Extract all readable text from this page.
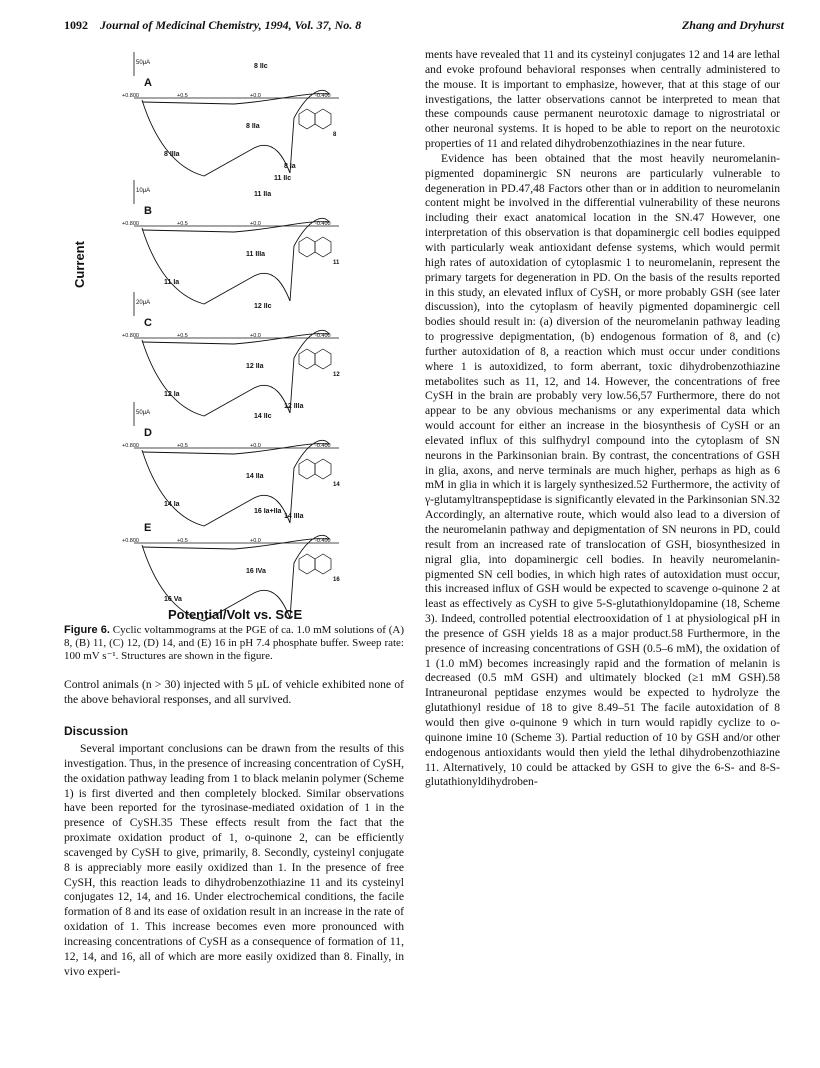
1092 Journal of Medicinal Chemistry, 1994, Vol. 37, No. 8	Zhang and Dryhurst
50μA
A
+0.800	+0.5	+0.0	-0.400
8 IIc
8 IIa
8 IIIa
8 Ia
11 IIc
8
10μA
B
+0.800	+0.5	+0.0	-0.400
11 IIa
11 IIIa
11 Ia
11
20μA
C
+0.800	+0.5	+0.0	-0.400
12 IIc
12 IIa
12 Ia
12 IIIa
12
50μA
D
+0.800	+0.5	+0.0	-0.400
14 IIc
14 IIa
14 Ia
14 IIIa
14
E
+0.800	+0.5	+0.0	-0.400
16 Ia+IIa
16 IVa
16 Va
16
Current
Potential/Volt vs. SCE
Figure 6. Cyclic voltammograms at the PGE of ca. 1.0 mM solutions of (A) 8, (B) 11, (C) 12, (D) 14, and (E) 16 in pH 7.4 phosphate buffer. Sweep rate: 100 mV s⁻¹. Structures are shown in the figure.
Control animals (n > 30) injected with 5 μL of vehicle exhibited none of the above behavioral responses, and all survived.
Discussion
Several important conclusions can be drawn from the results of this investigation. Thus, in the presence of increasing concentration of CySH, the oxidation pathway leading from 1 to black melanin polymer (Scheme 1) is first diverted and then completely blocked. Similar observations have been reported for the tyrosinase-mediated oxidation of 1 in the presence of CySH.35 These effects result from the fact that the proximate oxidation product of 1, o-quinone 2, can be efficiently scavenged by CySH to give, primarily, 8. Secondly, cysteinyl conjugate 8 is appreciably more easily oxidized than 1. In the presence of free CySH, this reaction leads to dihydrobenzothiazine 11 and its cysteinyl conjugates 12, 14, and 16. Under electrochemical conditions, the facile formation of 8 and its ease of oxidation result in an increase in the rate of oxidation of 1. This increase becomes even more pronounced with increasing concentrations of CySH as a consequence of formation of 11, 12, 14, and 16, all of which are more easily oxidized than 8. Finally, in vivo experi-

ments have revealed that 11 and its cysteinyl conjugates 12 and 14 are lethal and evoke profound behavioral responses when centrally administered to the mouse. It is important to emphasize, however, that at this stage of our investigations, the latter observations cannot be interpreted to mean that these compounds cause permanent neurotoxic damage to nigrostriatal or other neuronal systems. It is hoped to be able to report on the neurotoxic properties of 11 and related dihydrobenzothiazines in the near future.

Evidence has been obtained that the most heavily neuromelanin-pigmented dopaminergic SN neurons are particularly vulnerable to degeneration in PD.47,48 Factors other than or in addition to neuromelanin content might be involved in the differential vulnerability of these neurons including their exact anatomical location in the SN.47 However, one interpretation of this observation is that dopaminergic cell bodies equipped with particularly weak antioxidant defense systems, which would permit high rates of autoxidation of cytoplasmic 1 to neuromelanin, represent the primary targets for degeneration in PD. On the basis of the results reported in this study, an elevated influx of CySH, or more probably GSH (see later discussion), into the cytoplasm of heavily pigmented dopaminergic cell bodies should result in: (a) diversion of the neuromelanin pathway leading to progressive depigmentation, (b) endogenous formation of 8, and (c) further autoxidation of 8, a reaction which must occur under conditions where 1 is autoxidized, to form aberrant, toxic dihydrobenzothiazine metabolites such as 11, 12, and 14. However, the concentrations of free CySH in the brain are probably very low.56,57 Furthermore, there do not appear to be any obvious mechanisms or any experimental data which would account for either an increase in the biosynthesis of CySH or an elevated influx of this sulfhydryl compound into the cytoplasm of SN neurons in the Parkinsonian brain. By contrast, the concentrations of GSH in glia, axons, and nerve terminals are much higher, perhaps as high as 6 mM in glia in which it is largely synthesized.52 Furthermore, the activity of γ-glutamyltranspeptidase is significantly elevated in the Parkinsonian SN.32 Accordingly, an alternative route, which would also lead to a diversion of the neuromelanin pathway and depigmentation of SN neurons in PD, could result from an increased rate of translocation of GSH, biosynthesized in nigral glia, into dopaminergic cell bodies. In heavily neuromelanin-pigmented SN cell bodies, in which high rates of autoxidation must occur, this increased influx of GSH would be expected to scavenge o-quinone 2 at least as effectively as CySH to give 5-S-glutathionyldopamine (18, Scheme 3). Indeed, controlled potential electrooxidation of 1 at physiological pH in the presence of GSH yields 18 as a major product.58 Furthermore, in the presence of increasing concentrations of GSH (0.5–6 mM), the oxidation of 1 (1.0 mM) becomes increasingly rapid and the formation of melanin is decreased (0.5 mM GSH) and ultimately blocked (≥1 mM GSH).58 Intraneuronal peptidase enzymes would be expected to hydrolyze the glutathionyl residue of 18 to give 8.49–51 The facile autoxidation of 8 would then give o-quinone 9 which in turn would rapidly cyclize to o-quinone imine 10 (Scheme 3). Partial reduction of 10 by GSH and/or other endogenous antioxidants would then yield the lethal dihydrobenzothiazine 11. Alternatively, 10 could be attacked by GSH to give the 6-S- and 8-S-glutathionyldihydroben-
